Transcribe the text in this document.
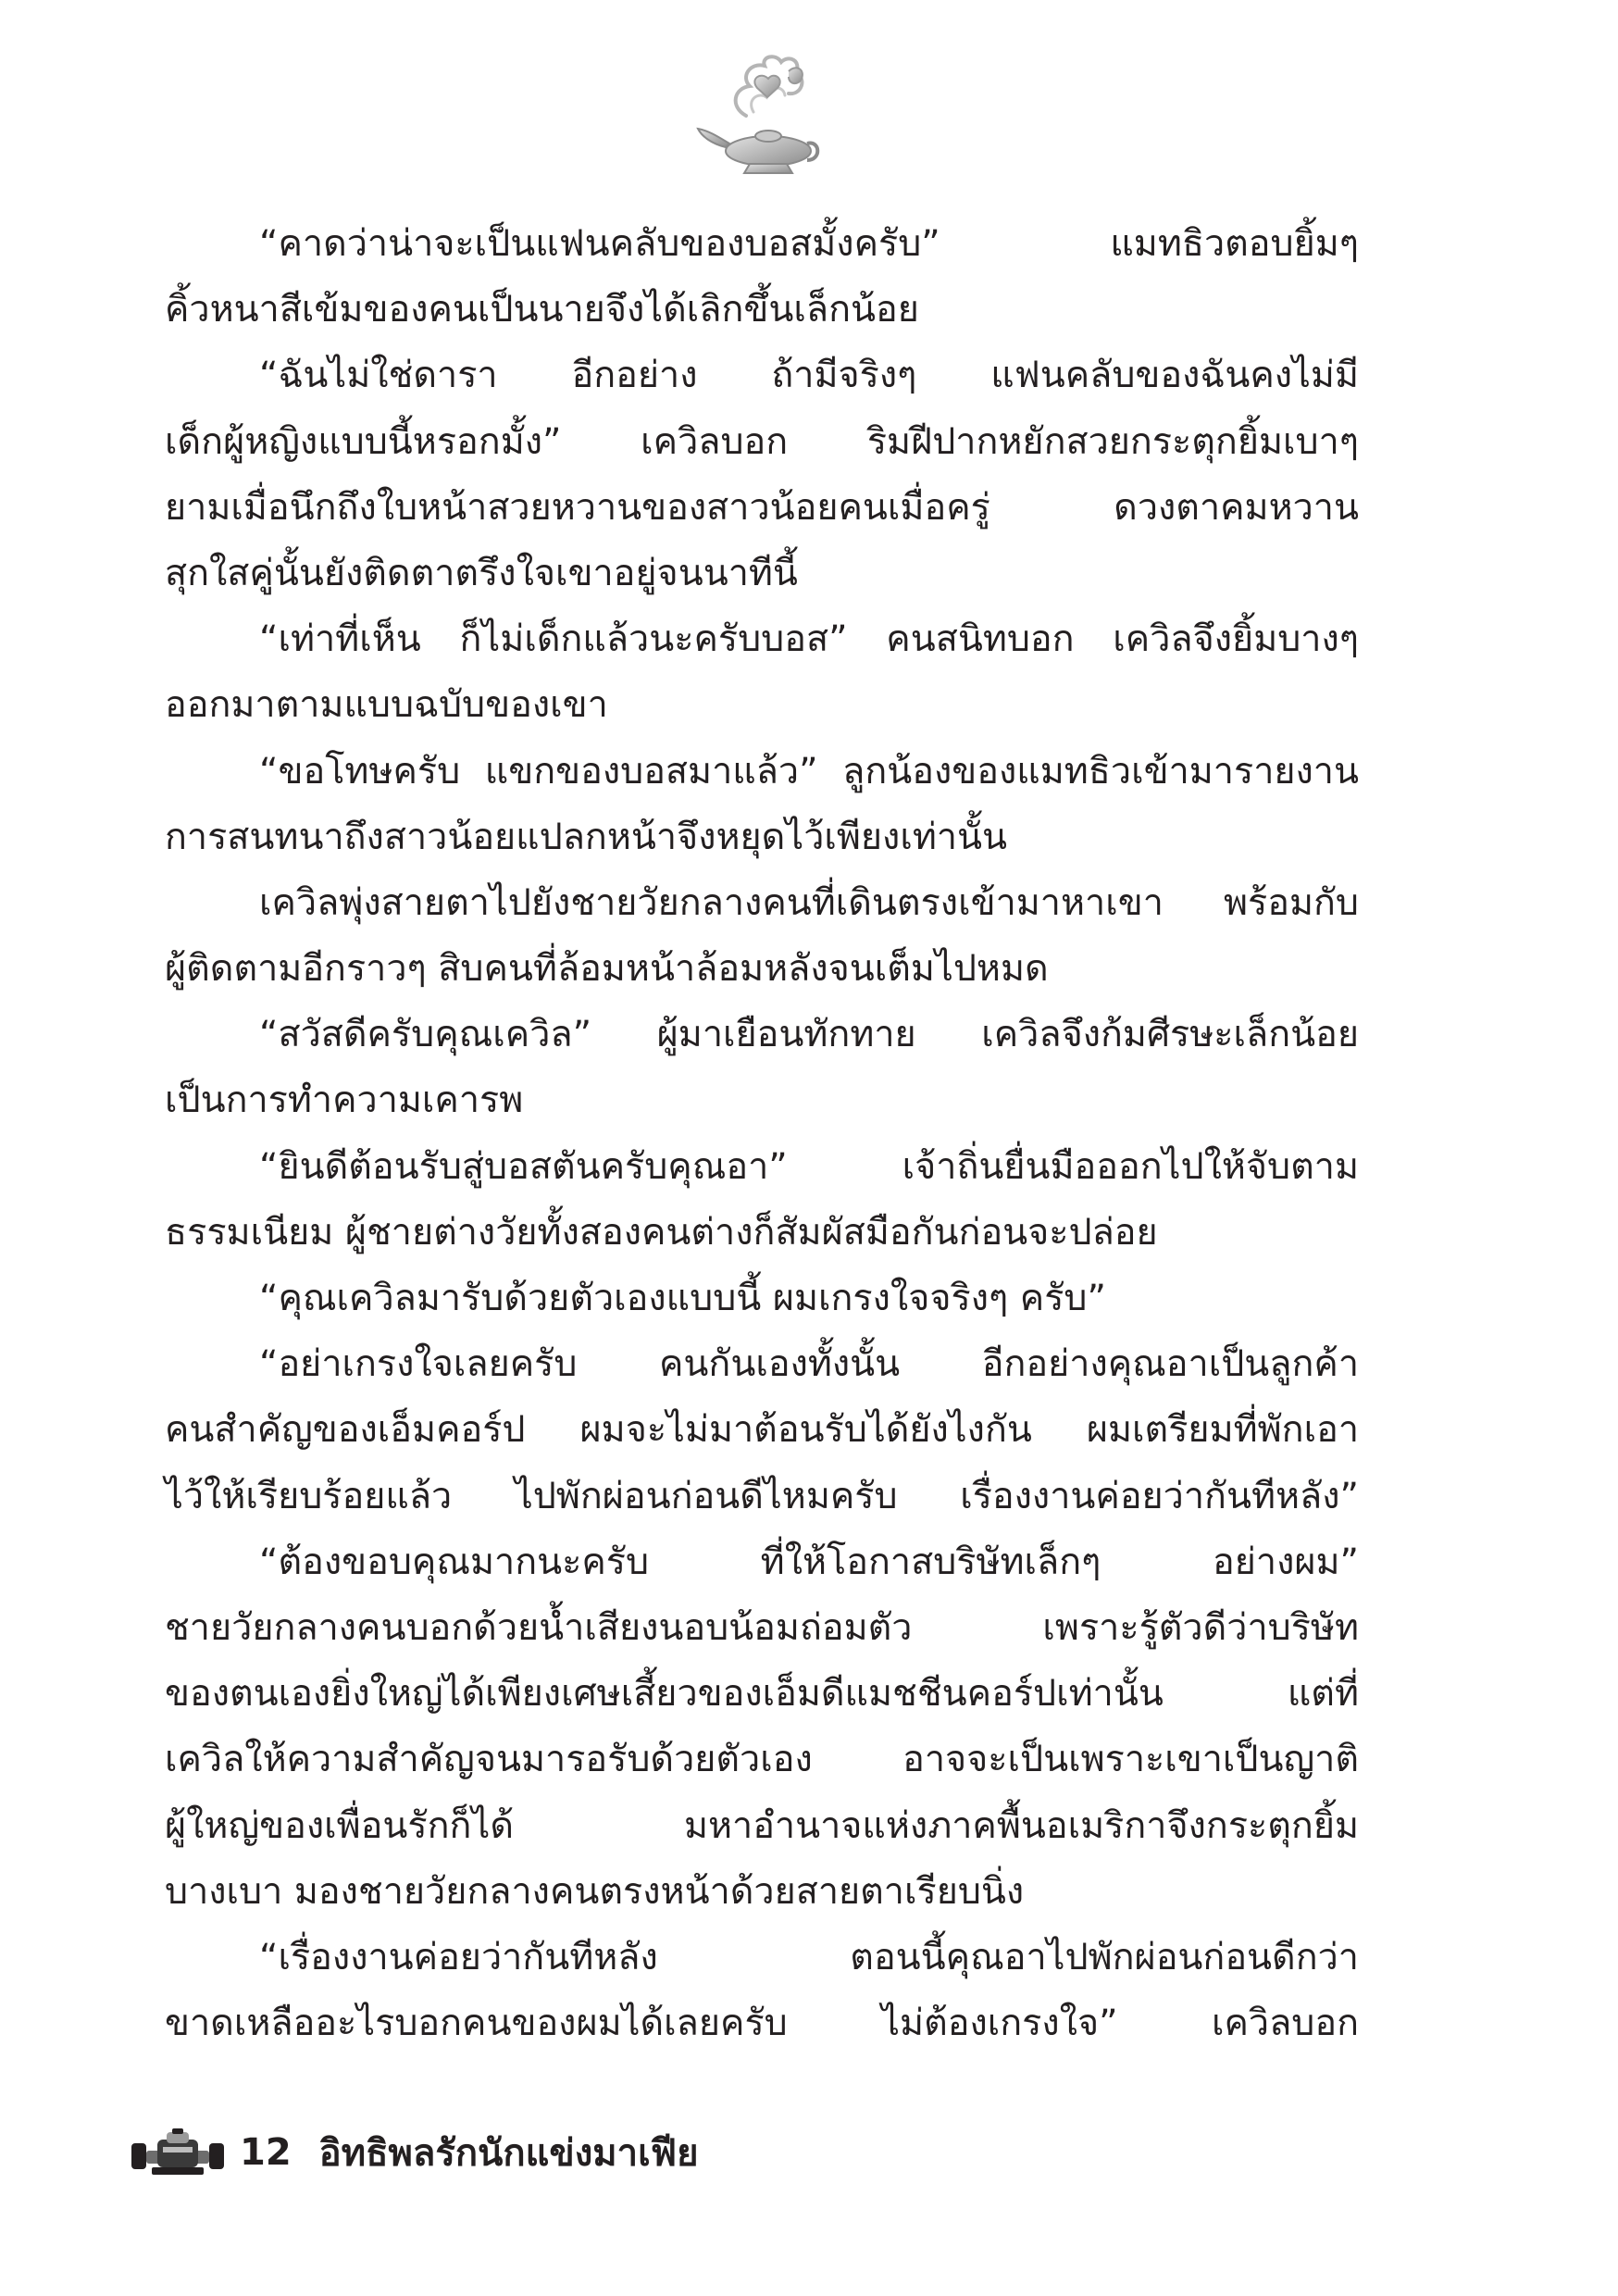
“คาดว่าน่าจะเป็นแฟนคลับของบอสมั้งครับ” แมทธิวตอบยิ้มๆ
คิ้วหนาสีเข้มของคนเป็นนายจึงได้เลิกขึ้นเล็กน้อย
“ฉันไม่ใช่ดารา อีกอย่าง ถ้ามีจริงๆ แฟนคลับของฉันคงไม่มี
เด็กผู้หญิงแบบนี้หรอกมั้ง” เควิลบอก ริมฝีปากหยักสวยกระตุกยิ้มเบาๆ
ยามเมื่อนึกถึงใบหน้าสวยหวานของสาวน้อยคนเมื่อครู่ ดวงตาคมหวาน
สุกใสคู่นั้นยังติดตาตรึงใจเขาอยู่จนนาทีนี้
“เท่าที่เห็น ก็ไม่เด็กแล้วนะครับบอส” คนสนิทบอก เควิลจึงยิ้มบางๆ
ออกมาตามแบบฉบับของเขา
“ขอโทษครับ แขกของบอสมาแล้ว” ลูกน้องของแมทธิวเข้ามารายงาน
การสนทนาถึงสาวน้อยแปลกหน้าจึงหยุดไว้เพียงเท่านั้น
เควิลพุ่งสายตาไปยังชายวัยกลางคนที่เดินตรงเข้ามาหาเขา พร้อมกับ
ผู้ติดตามอีกราวๆ สิบคนที่ล้อมหน้าล้อมหลังจนเต็มไปหมด
“สวัสดีครับคุณเควิล” ผู้มาเยือนทักทาย เควิลจึงก้มศีรษะเล็กน้อย
เป็นการทำความเคารพ
“ยินดีต้อนรับสู่บอสตันครับคุณอา” เจ้าถิ่นยื่นมือออกไปให้จับตาม
ธรรมเนียม ผู้ชายต่างวัยทั้งสองคนต่างก็สัมผัสมือกันก่อนจะปล่อย
“คุณเควิลมารับด้วยตัวเองแบบนี้ ผมเกรงใจจริงๆ ครับ”
“อย่าเกรงใจเลยครับ คนกันเองทั้งนั้น อีกอย่างคุณอาเป็นลูกค้า
คนสำคัญของเอ็มคอร์ป ผมจะไม่มาต้อนรับได้ยังไงกัน ผมเตรียมที่พักเอา
ไว้ให้เรียบร้อยแล้ว ไปพักผ่อนก่อนดีไหมครับ เรื่องงานค่อยว่ากันทีหลัง”
“ต้องขอบคุณมากนะครับ ที่ให้โอกาสบริษัทเล็กๆ อย่างผม”
ชายวัยกลางคนบอกด้วยน้ำเสียงนอบน้อมถ่อมตัว เพราะรู้ตัวดีว่าบริษัท
ของตนเองยิ่งใหญ่ได้เพียงเศษเสี้ยวของเอ็มดีแมชชีนคอร์ปเท่านั้น แต่ที่
เควิลให้ความสำคัญจนมารอรับด้วยตัวเอง อาจจะเป็นเพราะเขาเป็นญาติ
ผู้ใหญ่ของเพื่อนรักก็ได้ มหาอำนาจแห่งภาคพื้นอเมริกาจึงกระตุกยิ้ม
บางเบา มองชายวัยกลางคนตรงหน้าด้วยสายตาเรียบนิ่ง
“เรื่องงานค่อยว่ากันทีหลัง ตอนนี้คุณอาไปพักผ่อนก่อนดีกว่า
ขาดเหลืออะไรบอกคนของผมได้เลยครับ ไม่ต้องเกรงใจ” เควิลบอก
12 อิทธิพลรักนักแข่งมาเฟีย
